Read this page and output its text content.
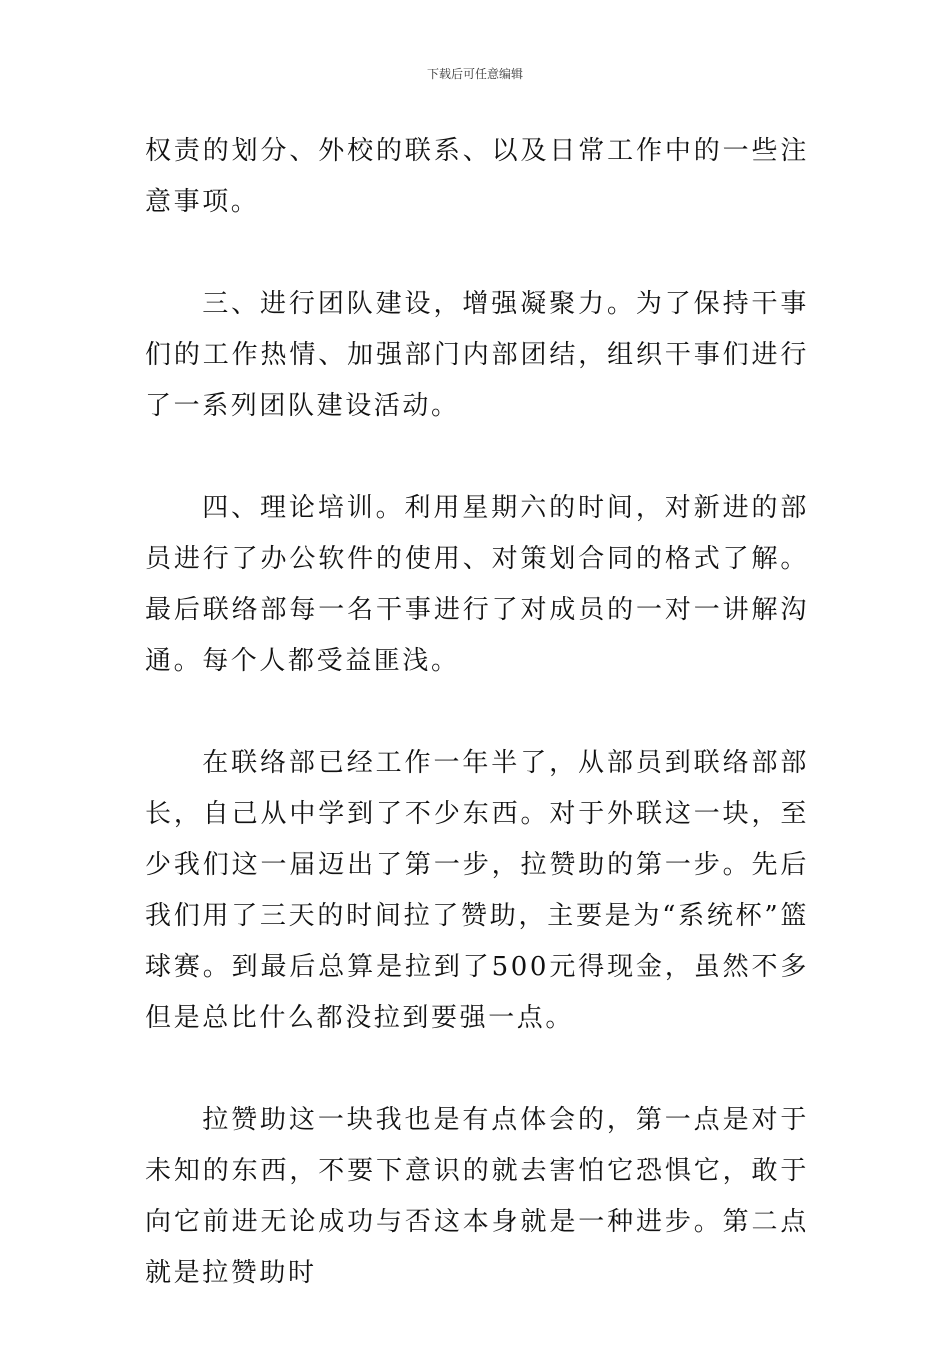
下载后可任意编辑

权责的划分、外校的联系、以及日常工作中的一些注意事项。

三、进行团队建设，增强凝聚力。为了保持干事们的工作热情、加强部门内部团结，组织干事们进行了一系列团队建设活动。

四、理论培训。利用星期六的时间，对新进的部员进行了办公软件的使用、对策划合同的格式了解。最后联络部每一名干事进行了对成员的一对一讲解沟通。每个人都受益匪浅。

在联络部已经工作一年半了，从部员到联络部部长，自己从中学到了不少东西。对于外联这一块，至少我们这一届迈出了第一步，拉赞助的第一步。先后我们用了三天的时间拉了赞助，主要是为“系统杯”篮球赛。到最后总算是拉到了500元得现金，虽然不多但是总比什么都没拉到要强一点。

拉赞助这一块我也是有点体会的，第一点是对于未知的东西，不要下意识的就去害怕它恐惧它，敢于向它前进无论成功与否这本身就是一种进步。第二点就是拉赞助时
